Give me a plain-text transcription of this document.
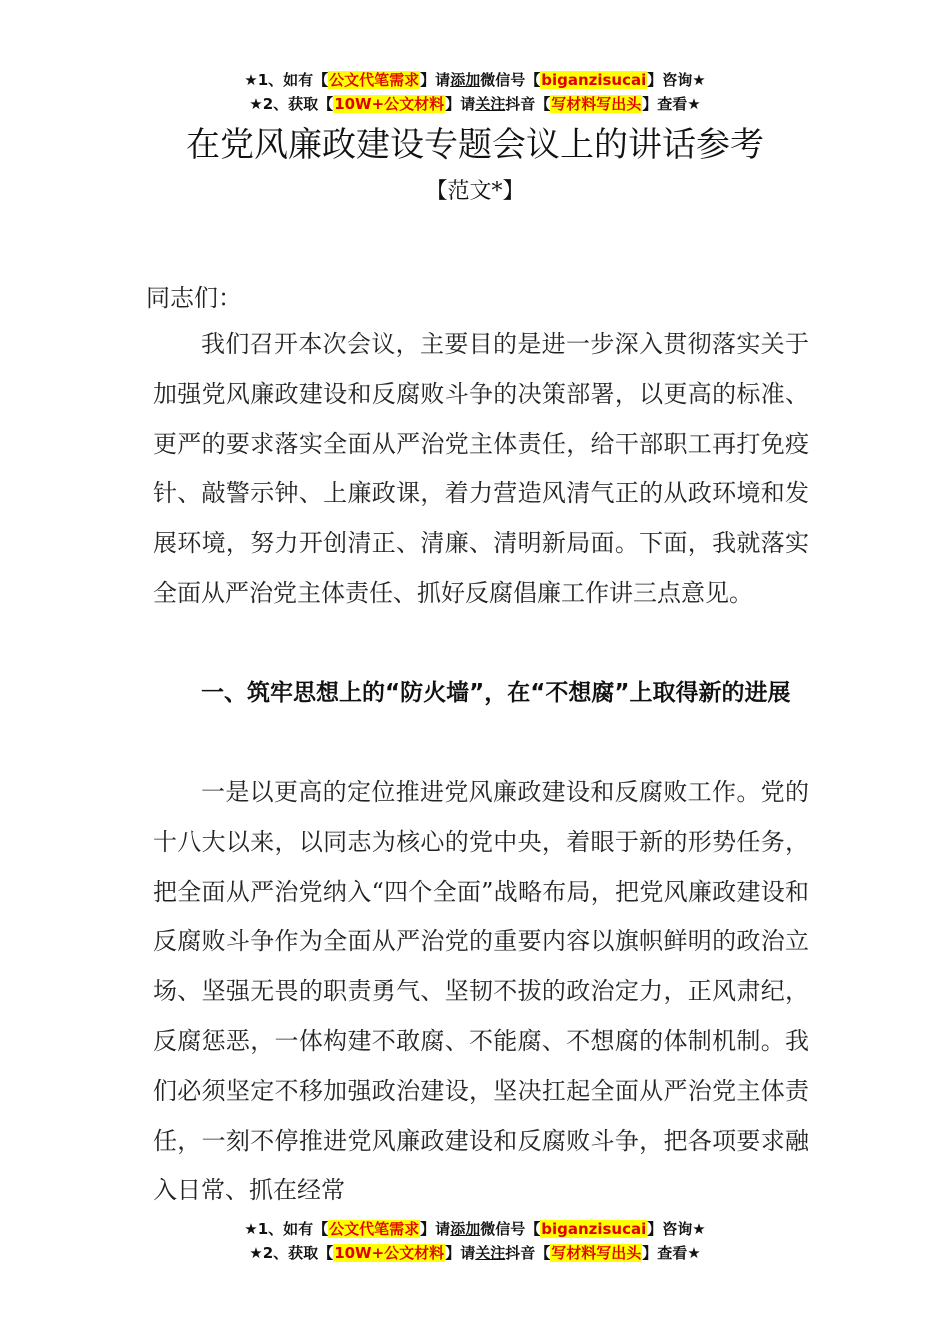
★1、如有【公文代笔需求】请添加微信号【biganzisucai】咨询★
★2、获取【10W+公文材料】请关注抖音【写材料写出头】查看★
在党风廉政建设专题会议上的讲话参考
【范文*】
同志们：

我们召开本次会议，主要目的是进一步深入贯彻落实关于加强党风廉政建设和反腐败斗争的决策部署，以更高的标准、更严的要求落实全面从严治党主体责任，给干部职工再打免疫针、敲警示钟、上廉政课，着力营造风清气正的从政环境和发展环境，努力开创清正、清廉、清明新局面。下面，我就落实全面从严治党主体责任、抓好反腐倡廉工作讲三点意见。

一、筑牢思想上的“防火墙”，在“不想腐”上取得新的进展

一是以更高的定位推进党风廉政建设和反腐败工作。党的十八大以来，以同志为核心的党中央，着眼于新的形势任务，把全面从严治党纳入“四个全面”战略布局，把党风廉政建设和反腐败斗争作为全面从严治党的重要内容以旗帜鲜明的政治立场、坚强无畏的职责勇气、坚韧不拔的政治定力，正风肃纪，反腐惩恶，一体构建不敢腐、不能腐、不想腐的体制机制。我们必须坚定不移加强政治建设，坚决扛起全面从严治党主体责任，一刻不停推进党风廉政建设和反腐败斗争，把各项要求融入日常、抓在经常

★1、如有【公文代笔需求】请添加微信号【biganzisucai】咨询★
★2、获取【10W+公文材料】请关注抖音【写材料写出头】查看★
